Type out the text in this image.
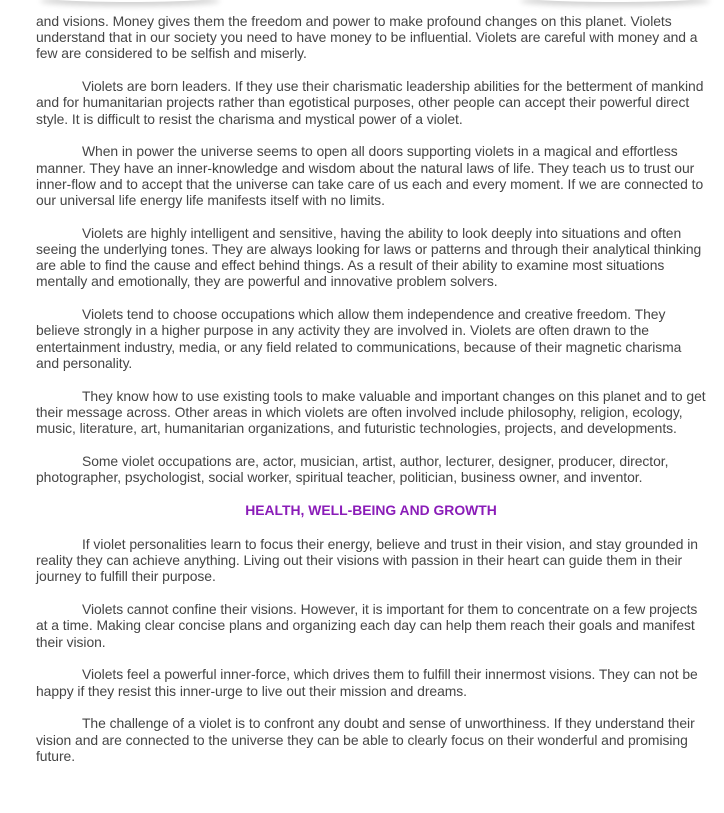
and visions. Money gives them the freedom and power to make profound changes on this planet. Violets understand that in our society you need to have money to be influential. Violets are careful with money and a few are considered to be selfish and miserly.

Violets are born leaders. If they use their charismatic leadership abilities for the betterment of mankind and for humanitarian projects rather than egotistical purposes, other people can accept their powerful direct style. It is difficult to resist the charisma and mystical power of a violet.

When in power the universe seems to open all doors supporting violets in a magical and effortless manner. They have an inner-knowledge and wisdom about the natural laws of life. They teach us to trust our inner-flow and to accept that the universe can take care of us each and every moment. If we are connected to our universal life energy life manifests itself with no limits.

Violets are highly intelligent and sensitive, having the ability to look deeply into situations and often seeing the underlying tones. They are always looking for laws or patterns and through their analytical thinking are able to find the cause and effect behind things. As a result of their ability to examine most situations mentally and emotionally, they are powerful and innovative problem solvers.

Violets tend to choose occupations which allow them independence and creative freedom. They believe strongly in a higher purpose in any activity they are involved in. Violets are often drawn to the entertainment industry, media, or any field related to communications, because of their magnetic charisma and personality.

They know how to use existing tools to make valuable and important changes on this planet and to get their message across. Other areas in which violets are often involved include philosophy, religion, ecology, music, literature, art, humanitarian organizations, and futuristic technologies, projects, and developments.

Some violet occupations are, actor, musician, artist, author, lecturer, designer, producer, director, photographer, psychologist, social worker, spiritual teacher, politician, business owner, and inventor.

HEALTH, WELL-BEING AND GROWTH

If violet personalities learn to focus their energy, believe and trust in their vision, and stay grounded in reality they can achieve anything. Living out their visions with passion in their heart can guide them in their journey to fulfill their purpose.

Violets cannot confine their visions. However, it is important for them to concentrate on a few projects at a time. Making clear concise plans and organizing each day can help them reach their goals and manifest their vision.

Violets feel a powerful inner-force, which drives them to fulfill their innermost visions. They can not be happy if they resist this inner-urge to live out their mission and dreams.

The challenge of a violet is to confront any doubt and sense of unworthiness. If they understand their vision and are connected to the universe they can be able to clearly focus on their wonderful and promising future.
